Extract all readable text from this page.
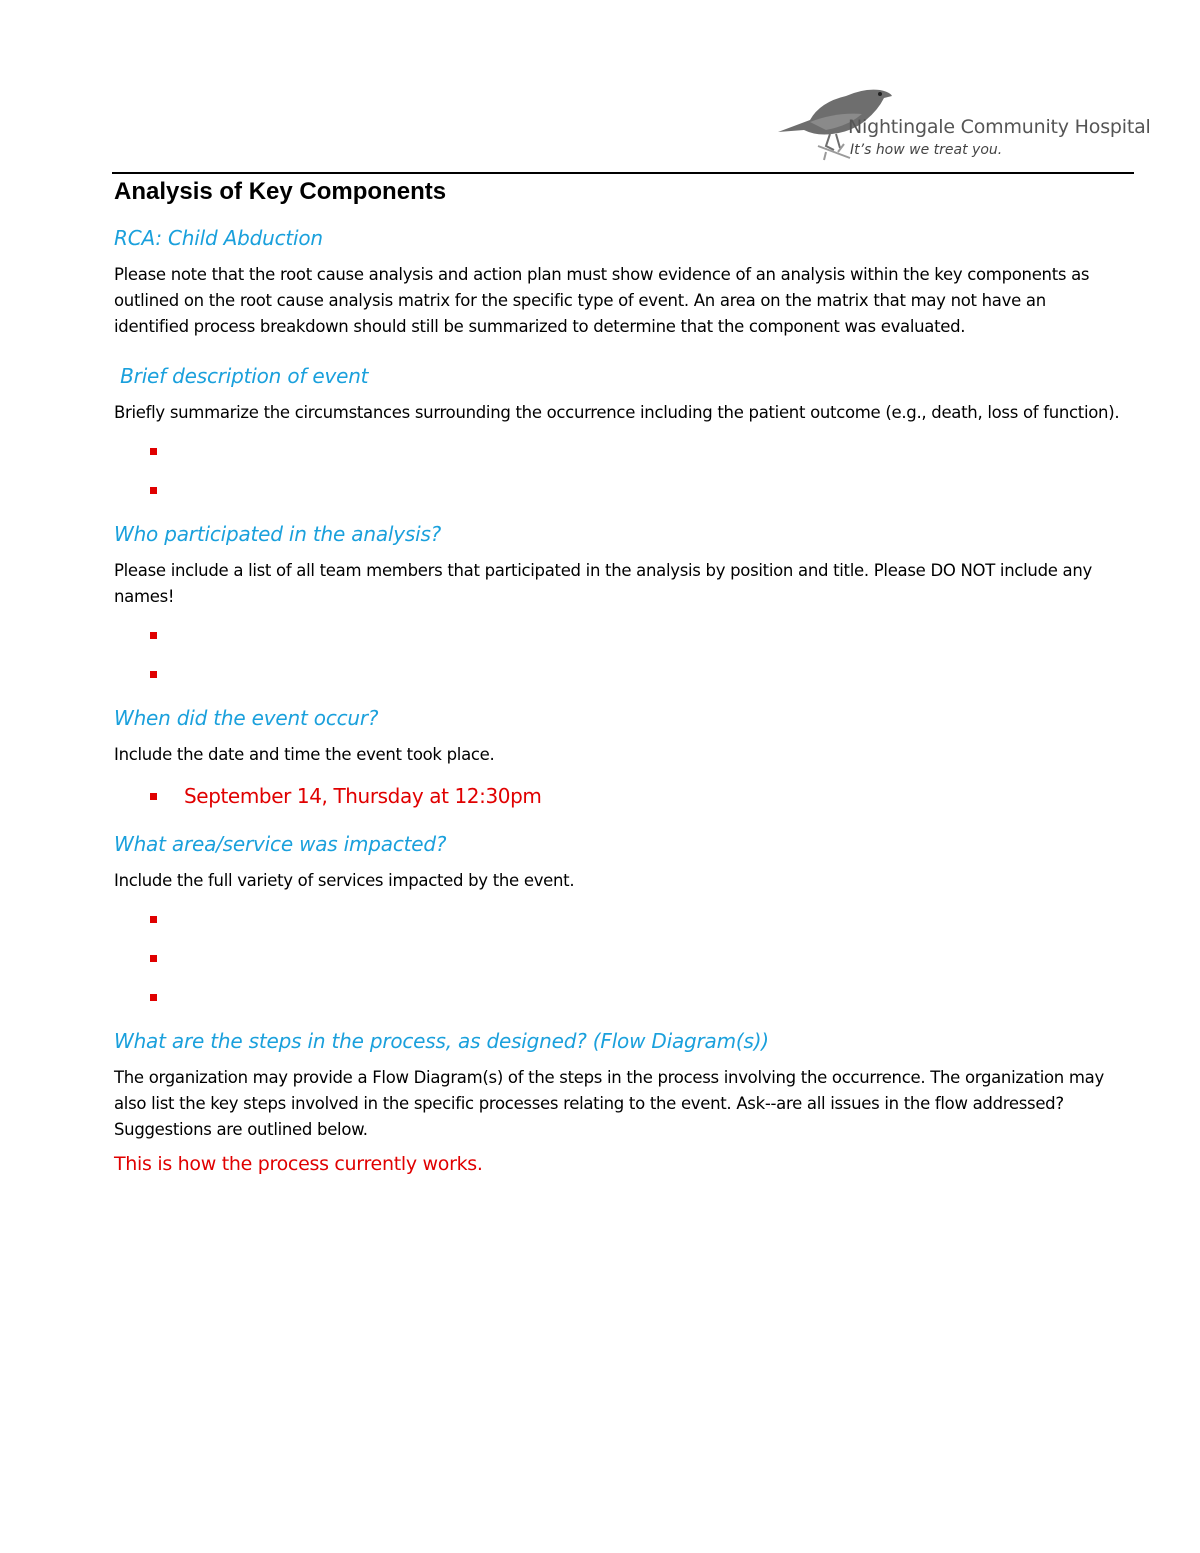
Nightingale Community Hospital
It’s how we treat you.
Analysis of Key Components
RCA: Child Abduction
Please note that the root cause analysis and action plan must show evidence of an analysis within the key components as outlined on the root cause analysis matrix for the specific type of event. An area on the matrix that may not have an identified process breakdown should still be summarized to determine that the component was evaluated.
Brief description of event
Briefly summarize the circumstances surrounding the occurrence including the patient outcome (e.g., death, loss of function).
Who participated in the analysis?
Please include a list of all team members that participated in the analysis by position and title. Please DO NOT include any names!
When did the event occur?
Include the date and time the event took place.
September 14, Thursday at 12:30pm
What area/service was impacted?
Include the full variety of services impacted by the event.
What are the steps in the process, as designed? (Flow Diagram(s))
The organization may provide a Flow Diagram(s) of the steps in the process involving the occurrence. The organization may also list the key steps involved in the specific processes relating to the event. Ask--are all issues in the flow addressed? Suggestions are outlined below.
This is how the process currently works.
